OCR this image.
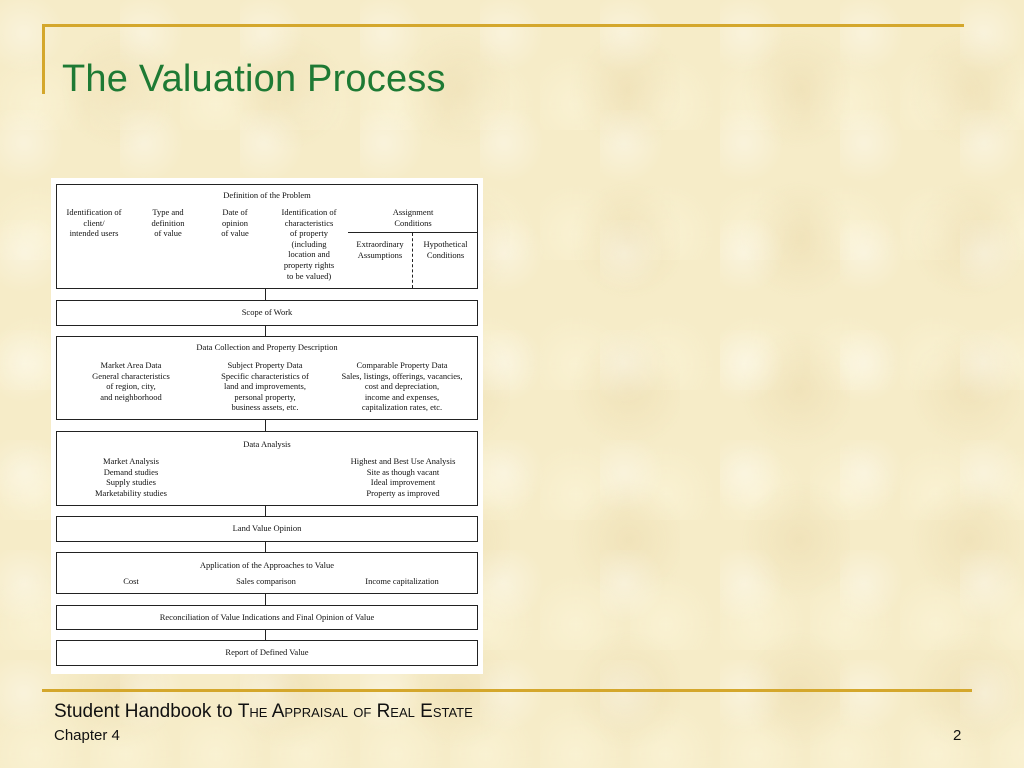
The Valuation Process
Definition of the Problem
Identification of
client/
intended users
Type and
definition
of value
Date of
opinion
of value
Identification of
characteristics
of property
(including
location and
property rights
to be valued)
Assignment
Conditions
Extraordinary
Assumptions
Hypothetical
Conditions
Scope of Work
Data Collection and Property Description
Market Area Data
General characteristics
of region, city,
and neighborhood
Subject Property Data
Specific characteristics of
land and improvements,
personal property,
business assets, etc.
Comparable Property Data
Sales, listings, offerings, vacancies,
cost and depreciation,
income and expenses,
capitalization rates, etc.
Data Analysis
Market Analysis
Demand studies
Supply studies
Marketability studies
Highest and Best Use Analysis
Site as though vacant
Ideal improvement
Property as improved
Land Value Opinion
Application of the Approaches to Value
Cost	Sales comparison	Income capitalization
Reconciliation of Value Indications and Final Opinion of Value
Report of Defined Value

Student Handbook to The Appraisal of Real Estate

Chapter 4	2
